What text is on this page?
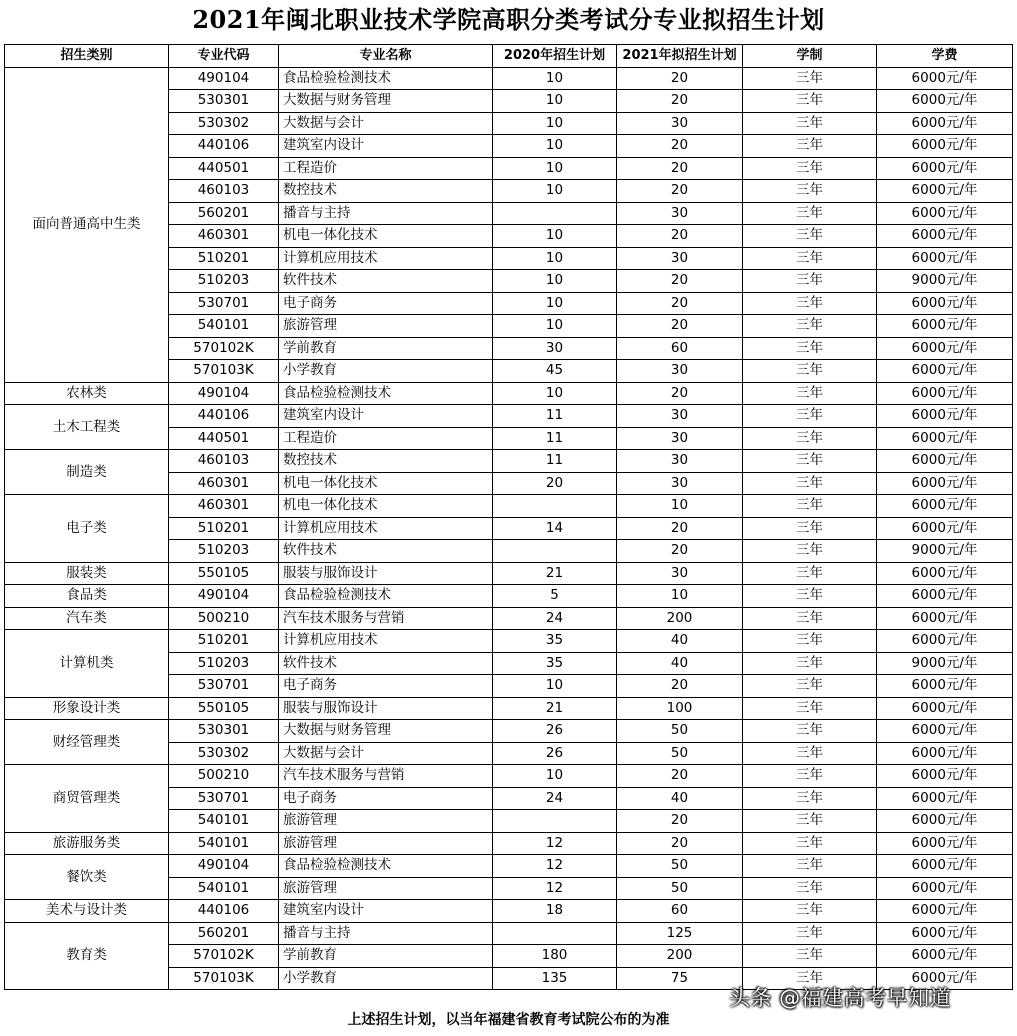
2021年闽北职业技术学院高职分类考试分专业拟招生计划
招生类别	专业代码	专业名称	2020年招生计划	2021年拟招生计划	学制	学费
面向普通高中生类	490104	食品检验检测技术	10	20	三年	6000元/年
	530301	大数据与财务管理	10	20	三年	6000元/年
	530302	大数据与会计	10	30	三年	6000元/年
	440106	建筑室内设计	10	20	三年	6000元/年
	440501	工程造价	10	20	三年	6000元/年
	460103	数控技术	10	20	三年	6000元/年
	560201	播音与主持		30	三年	6000元/年
	460301	机电一体化技术	10	20	三年	6000元/年
	510201	计算机应用技术	10	30	三年	6000元/年
	510203	软件技术	10	20	三年	9000元/年
	530701	电子商务	10	20	三年	6000元/年
	540101	旅游管理	10	20	三年	6000元/年
	570102K	学前教育	30	60	三年	6000元/年
	570103K	小学教育	45	30	三年	6000元/年
农林类	490104	食品检验检测技术	10	20	三年	6000元/年
土木工程类	440106	建筑室内设计	11	30	三年	6000元/年
	440501	工程造价	11	30	三年	6000元/年
制造类	460103	数控技术	11	30	三年	6000元/年
	460301	机电一体化技术	20	30	三年	6000元/年
电子类	460301	机电一体化技术		10	三年	6000元/年
	510201	计算机应用技术	14	20	三年	6000元/年
	510203	软件技术		20	三年	9000元/年
服装类	550105	服装与服饰设计	21	30	三年	6000元/年
食品类	490104	食品检验检测技术	5	10	三年	6000元/年
汽车类	500210	汽车技术服务与营销	24	200	三年	6000元/年
计算机类	510201	计算机应用技术	35	40	三年	6000元/年
	510203	软件技术	35	40	三年	9000元/年
	530701	电子商务	10	20	三年	6000元/年
形象设计类	550105	服装与服饰设计	21	100	三年	6000元/年
财经管理类	530301	大数据与财务管理	26	50	三年	6000元/年
	530302	大数据与会计	26	50	三年	6000元/年
商贸管理类	500210	汽车技术服务与营销	10	20	三年	6000元/年
	530701	电子商务	24	40	三年	6000元/年
	540101	旅游管理		20	三年	6000元/年
旅游服务类	540101	旅游管理	12	20	三年	6000元/年
餐饮类	490104	食品检验检测技术	12	50	三年	6000元/年
	540101	旅游管理	12	50	三年	6000元/年
美术与设计类	440106	建筑室内设计	18	60	三年	6000元/年
教育类	560201	播音与主持		125	三年	6000元/年
	570102K	学前教育	180	200	三年	6000元/年
	570103K	小学教育	135	75	三年	6000元/年
上述招生计划，以当年福建省教育考试院公布的为准
头条 @福建高考早知道
